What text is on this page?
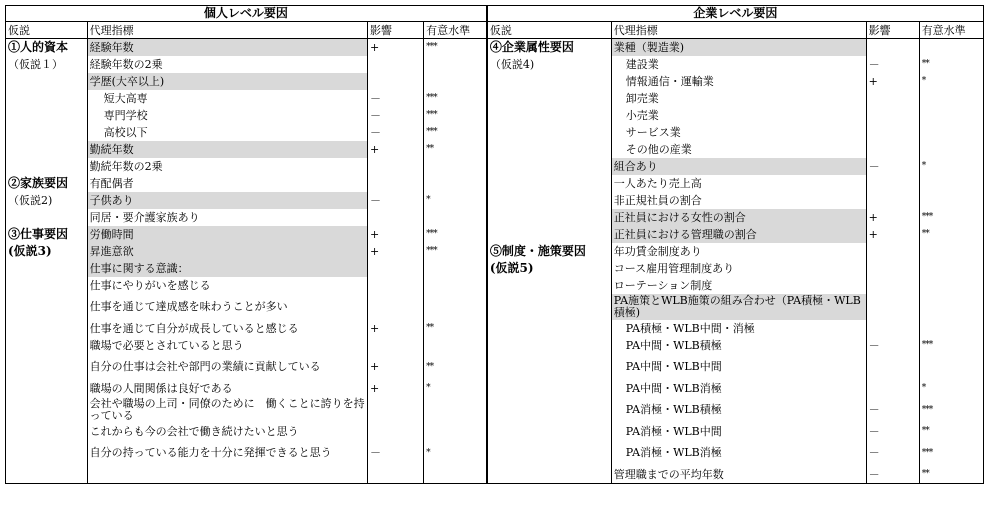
個人レベル要因				企業レベル要因			
仮説	代理指標	影響	有意水準	仮説	代理指標	影響	有意水準
①人的資本	経験年数	+	***	④企業属性要因	業種（製造業)		
（仮説１）	経験年数の2乗			（仮説4)	建設業	－	**
	学歴(大卒以上)				情報通信・運輸業	+	*
	短大高専	－	***		卸売業		
	専門学校	－	***		小売業		
	高校以下	－	***		サービス業		
	勤続年数	+	**		その他の産業		
	勤続年数の2乗				組合あり	－	*
②家族要因	有配偶者				一人あたり売上高		
（仮説2)	子供あり	－	*		非正規社員の割合		
	同居・要介護家族あり				正社員における女性の割合	+	***
③仕事要因	労働時間	+	***		正社員における管理職の割合	+	**
(仮説3)	昇進意欲	+	***	⑤制度・施策要因	年功賃金制度あり		
	仕事に関する意識：			(仮説5)	コース雇用管理制度あり		
	仕事にやりがいを感じる				ローテーション制度		
	仕事を通じて達成感を味わうことが多い				PA施策とWLB施策の組み合わせ（PA積極・WLB積極)		
	仕事を通じて自分が成長していると感じる	+	**		PA積極・WLB中間・消極		
	職場で必要とされていると思う				PA中間・WLB積極	－	***
	自分の仕事は会社や部門の業績に貢献している	+	**		PA中間・WLB中間		
	職場の人間関係は良好である	+	*		PA中間・WLB消極		*
	会社や職場の上司・同僚のために　働くことに誇りを持っている				PA消極・WLB積極	－	***
	これからも今の会社で働き続けたいと思う				PA消極・WLB中間	－	**
	自分の持っている能力を十分に発揮できると思う	－	*		PA消極・WLB消極	－	***
					管理職までの平均年数	－	**
